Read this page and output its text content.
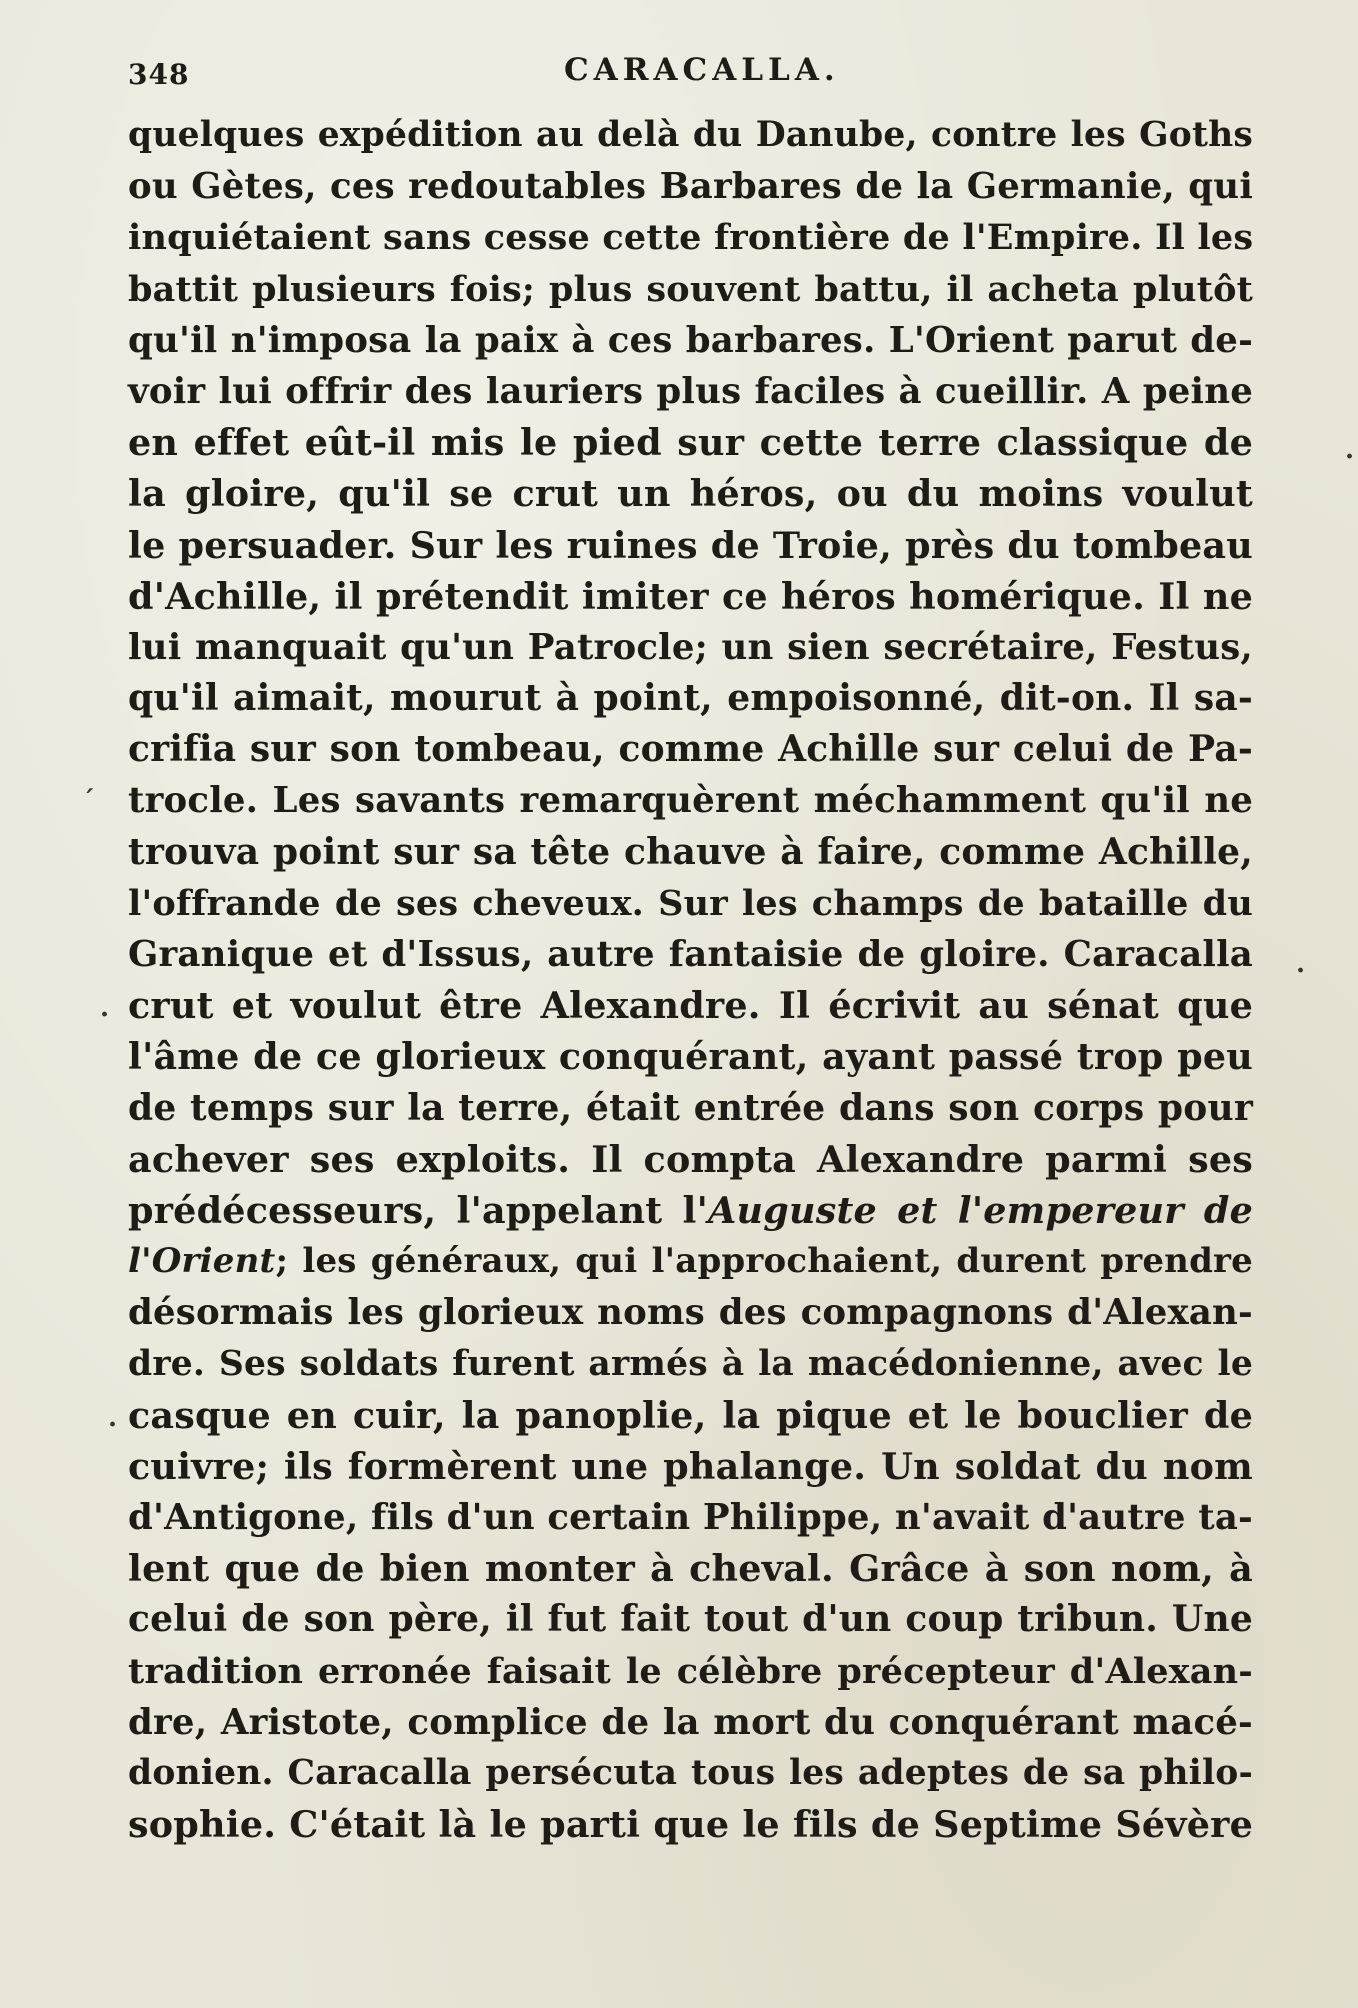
348	CARACALLA.
quelques expédition au delà du Danube, contre les Goths
ou Gètes, ces redoutables Barbares de la Germanie, qui
inquiétaient sans cesse cette frontière de l'Empire. Il les
battit plusieurs fois; plus souvent battu, il acheta plutôt
qu'il n'imposa la paix à ces barbares. L'Orient parut de-
voir lui offrir des lauriers plus faciles à cueillir. A peine
en effet eût-il mis le pied sur cette terre classique de
la gloire, qu'il se crut un héros, ou du moins voulut
le persuader. Sur les ruines de Troie, près du tombeau
d'Achille, il prétendit imiter ce héros homérique. Il ne
lui manquait qu'un Patrocle; un sien secrétaire, Festus,
qu'il aimait, mourut à point, empoisonné, dit-on. Il sa-
crifia sur son tombeau, comme Achille sur celui de Pa-
trocle. Les savants remarquèrent méchamment qu'il ne
trouva point sur sa tête chauve à faire, comme Achille,
l'offrande de ses cheveux. Sur les champs de bataille du
Granique et d'Issus, autre fantaisie de gloire. Caracalla
crut et voulut être Alexandre. Il écrivit au sénat que
l'âme de ce glorieux conquérant, ayant passé trop peu
de temps sur la terre, était entrée dans son corps pour
achever ses exploits. Il compta Alexandre parmi ses
prédécesseurs, l'appelant l'Auguste et l'empereur de
l'Orient; les généraux, qui l'approchaient, durent prendre
désormais les glorieux noms des compagnons d'Alexan-
dre. Ses soldats furent armés à la macédonienne, avec le
casque en cuir, la panoplie, la pique et le bouclier de
cuivre; ils formèrent une phalange. Un soldat du nom
d'Antigone, fils d'un certain Philippe, n'avait d'autre ta-
lent que de bien monter à cheval. Grâce à son nom, à
celui de son père, il fut fait tout d'un coup tribun. Une
tradition erronée faisait le célèbre précepteur d'Alexan-
dre, Aristote, complice de la mort du conquérant macé-
donien. Caracalla persécuta tous les adeptes de sa philo-
sophie. C'était là le parti que le fils de Septime Sévère
´
·
·
·
·
